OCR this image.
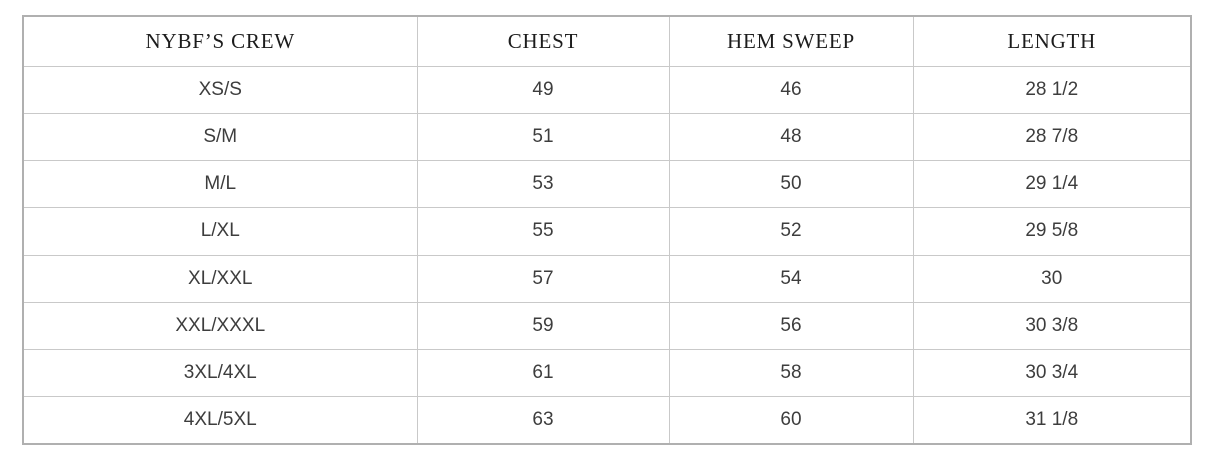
NYBF’S CREW	CHEST	HEM SWEEP	LENGTH
XS/S	49	46	28 1/2
S/M	51	48	28 7/8
M/L	53	50	29 1/4
L/XL	55	52	29 5/8
XL/XXL	57	54	30
XXL/XXXL	59	56	30 3/8
3XL/4XL	61	58	30 3/4
4XL/5XL	63	60	31 1/8
